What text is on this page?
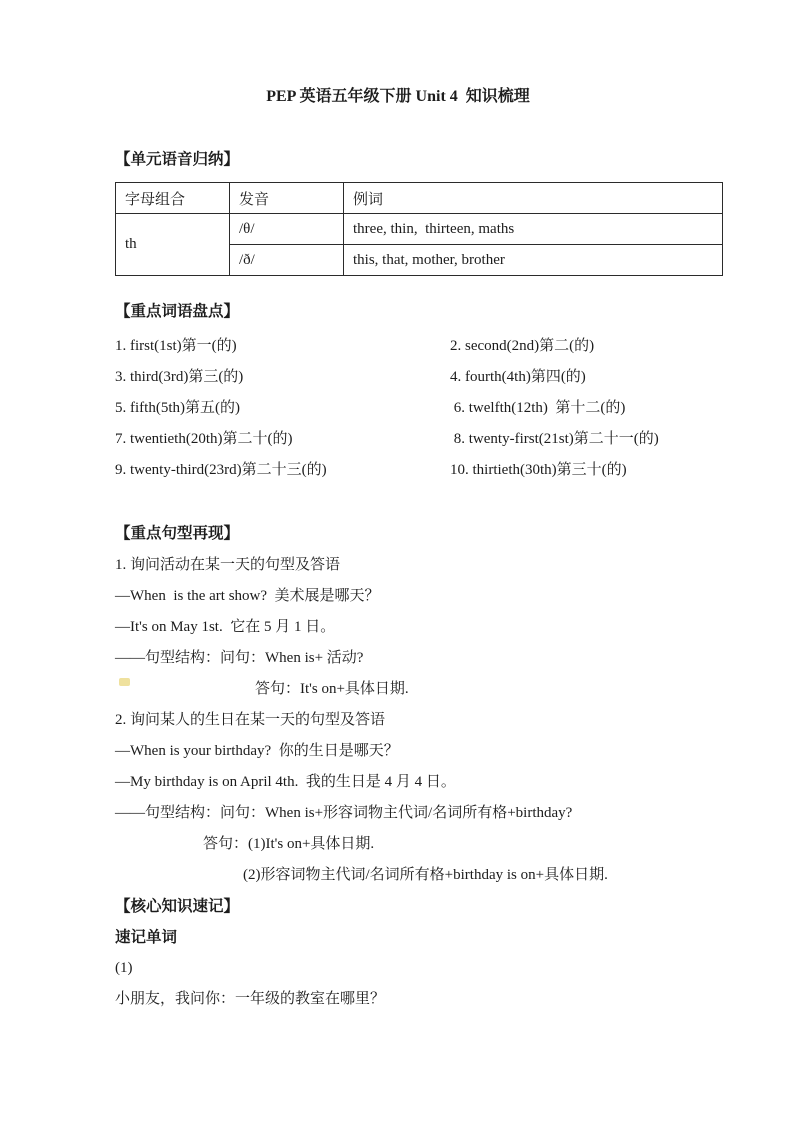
PEP 英语五年级下册 Unit 4  知识梳理
【单元语音归纳】
字母组合	发音	例词
th	/θ/	three, thin,  thirteen, maths
	/ð/	this, that, mother, brother
【重点词语盘点】
1. first(1st)第一(的)	2. second(2nd)第二(的)
3. third(3rd)第三(的)	4. fourth(4th)第四(的)
5. fifth(5th)第五(的)	6. twelfth(12th)  第十二(的)
7. twentieth(20th)第二十(的)	8. twenty-first(21st)第二十一(的)
9. twenty-third(23rd)第二十三(的)	10. thirtieth(30th)第三十(的)
【重点句型再现】
1. 询问活动在某一天的句型及答语
—When  is the art show?  美术展是哪天？
—It's on May 1st.  它在 5 月 1 日。
——句型结构：问句：When is+ 活动?
答句：It's on+具体日期.
2. 询问某人的生日在某一天的句型及答语
—When is your birthday?  你的生日是哪天？
—My birthday is on April 4th.  我的生日是 4 月 4 日。
——句型结构：问句：When is+形容词物主代词/名词所有格+birthday?
答句：(1)It's on+具体日期.
(2)形容词物主代词/名词所有格+birthday is on+具体日期.
【核心知识速记】
速记单词
(1)
小朋友，我问你：一年级的教室在哪里？
